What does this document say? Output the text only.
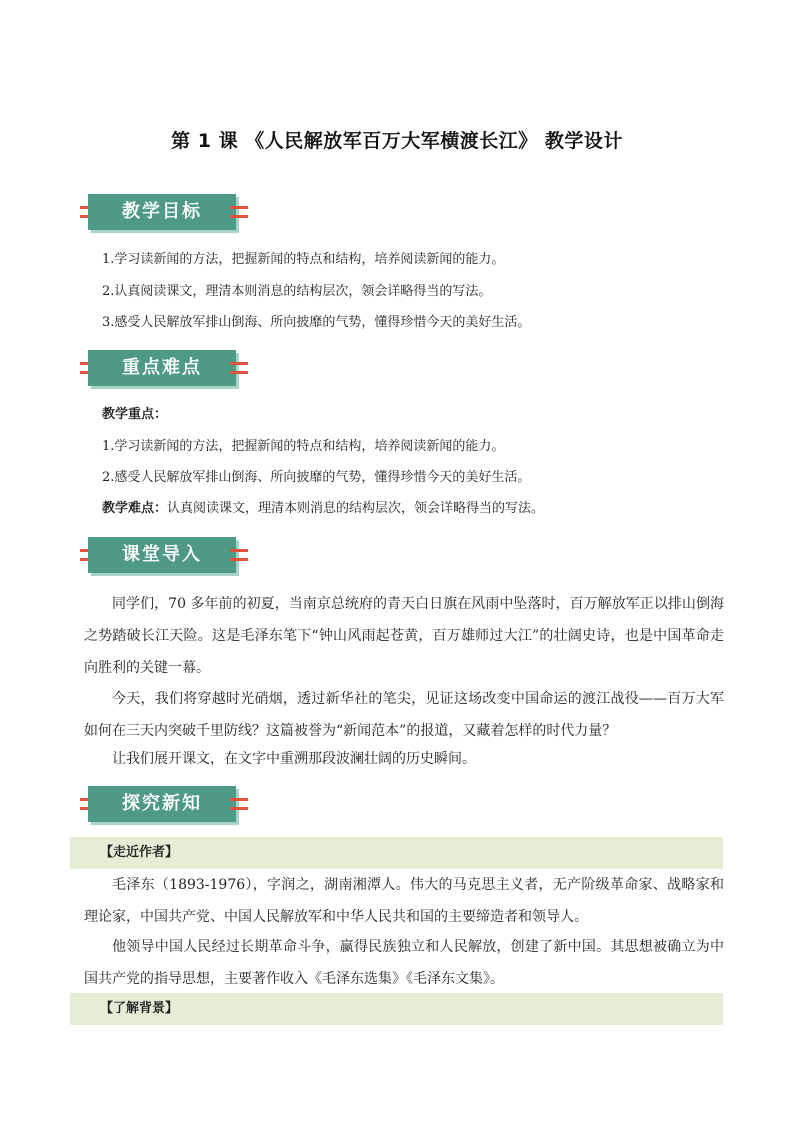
第 1 课 《人民解放军百万大军横渡长江》 教学设计
教学目标
1.学习读新闻的方法，把握新闻的特点和结构，培养阅读新闻的能力。
2.认真阅读课文，理清本则消息的结构层次，领会详略得当的写法。
3.感受人民解放军排山倒海、所向披靡的气势，懂得珍惜今天的美好生活。
重点难点
教学重点：
1.学习读新闻的方法，把握新闻的特点和结构，培养阅读新闻的能力。
2.感受人民解放军排山倒海、所向披靡的气势，懂得珍惜今天的美好生活。
教学难点：认真阅读课文，理清本则消息的结构层次，领会详略得当的写法。
课堂导入
同学们，70 多年前的初夏，当南京总统府的青天白日旗在风雨中坠落时，百万解放军正以排山倒海之势踏破长江天险。这是毛泽东笔下“钟山风雨起苍黄，百万雄师过大江”的壮阔史诗，也是中国革命走向胜利的关键一幕。
今天，我们将穿越时光硝烟，透过新华社的笔尖，见证这场改变中国命运的渡江战役——百万大军如何在三天内突破千里防线？这篇被誉为“新闻范本”的报道，又藏着怎样的时代力量？
让我们展开课文，在文字中重溯那段波澜壮阔的历史瞬间。
探究新知
【走近作者】
毛泽东（1893-1976），字润之，湖南湘潭人。伟大的马克思主义者，无产阶级革命家、战略家和理论家，中国共产党、中国人民解放军和中华人民共和国的主要缔造者和领导人。
他领导中国人民经过长期革命斗争，赢得民族独立和人民解放，创建了新中国。其思想被确立为中国共产党的指导思想，主要著作收入《毛泽东选集》《毛泽东文集》。
【了解背景】
